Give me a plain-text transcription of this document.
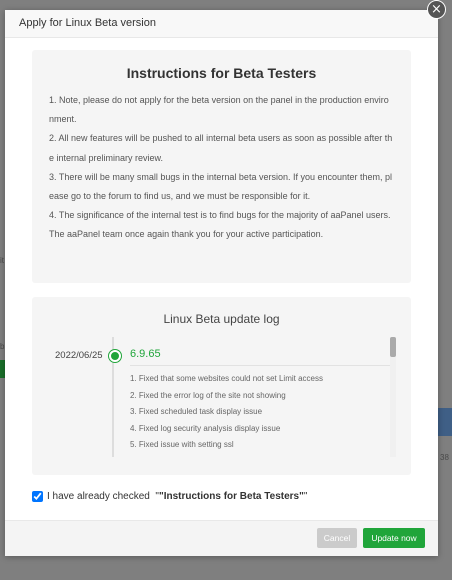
it
b
38
Apply for Linux Beta version
Instructions for Beta Testers

1. Note, please do not apply for the beta version on the panel in the production environment.

2. All new features will be pushed to all internal beta users as soon as possible after the internal preliminary review.

3. There will be many small bugs in the internal beta version. If you encounter them, please go to the forum to find us, and we must be responsible for it.

4. The significance of the internal test is to find bugs for the majority of aaPanel users. The aaPanel team once again thank you for your active participation.

Linux Beta update log
2022/06/25 6.9.65
1. Fixed that some websites could not set Limit access
2. Fixed the error log of the site not showing
3. Fixed scheduled task display issue
4. Fixed log security analysis display issue
5. Fixed issue with setting ssl
I have already checked  ""Instructions for Beta Testers""
Cancel	Update now
×
